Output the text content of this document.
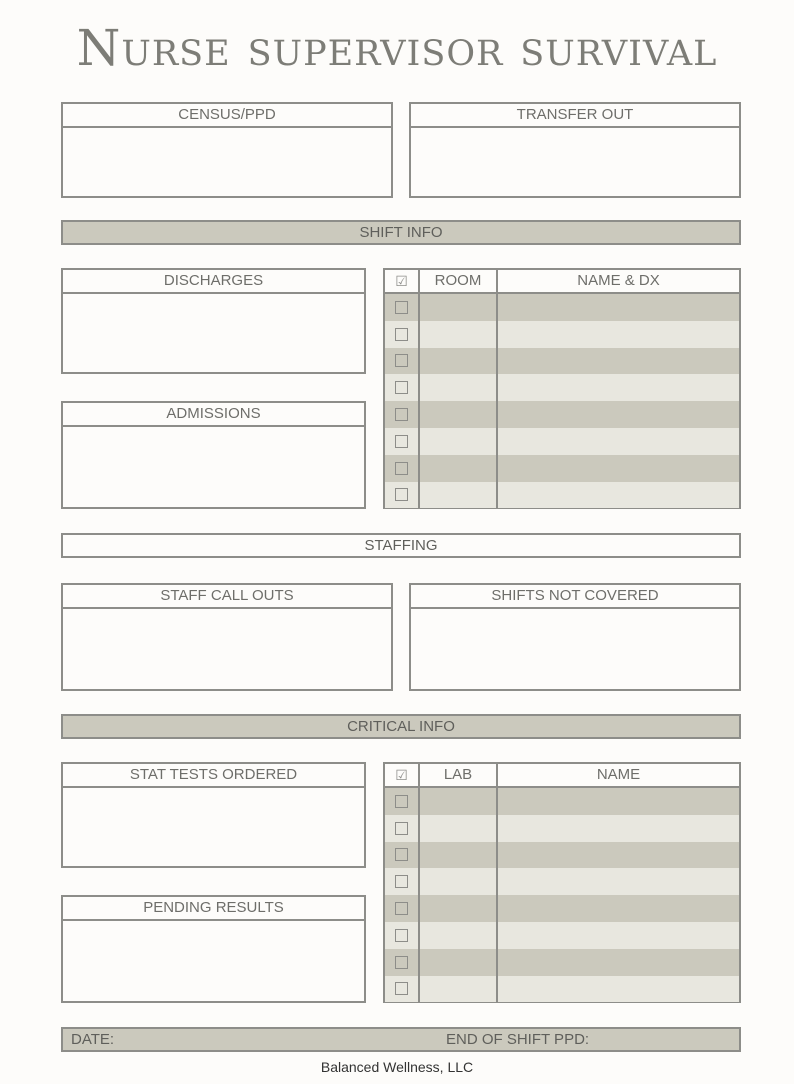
Nurse supervisor survival
CENSUS/PPD	TRANSFER OUT
SHIFT INFO
DISCHARGES
ADMISSIONS
☑	ROOM	NAME & DX
STAFFING
STAFF CALL OUTS	SHIFTS NOT COVERED
CRITICAL INFO
STAT TESTS ORDERED
PENDING RESULTS
☑	LAB	NAME
DATE:	END OF SHIFT PPD:
Balanced Wellness, LLC
